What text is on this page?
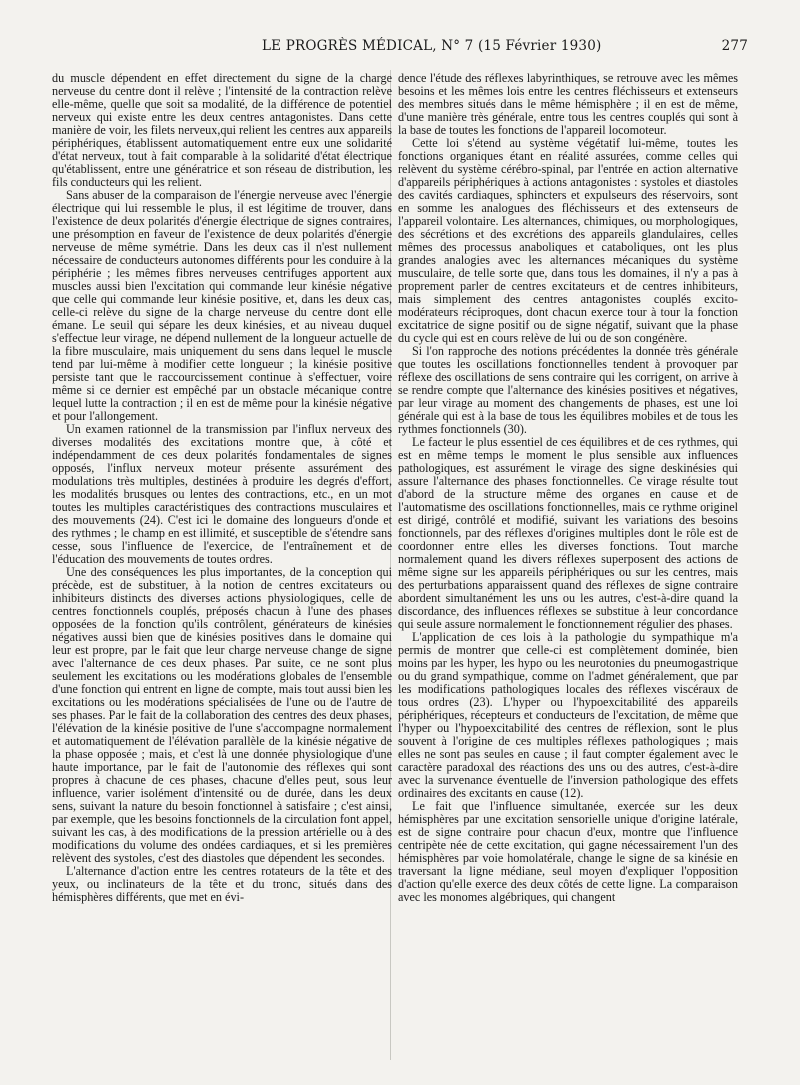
LE PROGRÈS MÉDICAL, N° 7 (15 Février 1930)	277

du muscle dépendent en effet directement du signe de la charge nerveuse du centre dont il relève ; l'intensité de la contraction relève elle-même, quelle que soit sa modalité, de la différence de potentiel nerveux qui existe entre les deux centres antagonistes. Dans cette manière de voir, les filets nerveux,qui relient les centres aux appareils périphériques, établissent automatiquement entre eux une solidarité d'état nerveux, tout à fait comparable à la solidarité d'état électrique qu'établissent, entre une génératrice et son réseau de distribution, les fils conducteurs qui les relient.

Sans abuser de la comparaison de l'énergie nerveuse avec l'énergie électrique qui lui ressemble le plus, il est légitime de trouver, dans l'existence de deux polarités d'énergie électrique de signes contraires, une présomption en faveur de l'existence de deux polarités d'énergie nerveuse de même symétrie. Dans les deux cas il n'est nullement nécessaire de conducteurs autonomes différents pour les conduire à la périphérie ; les mêmes fibres nerveuses centrifuges apportent aux muscles aussi bien l'excitation qui commande leur kinésie négative que celle qui commande leur kinésie positive, et, dans les deux cas, celle-ci relève du signe de la charge nerveuse du centre dont elle émane. Le seuil qui sépare les deux kinésies, et au niveau duquel s'effectue leur virage, ne dépend nullement de la longueur actuelle de la fibre musculaire, mais uniquement du sens dans lequel le muscle tend par lui-même à modifier cette longueur ; la kinésie positive persiste tant que le raccourcissement continue à s'effectuer, voire même si ce dernier est empêché par un obstacle mécanique contre lequel lutte la contraction ; il en est de même pour la kinésie négative et pour l'allongement.

Un examen rationnel de la transmission par l'influx nerveux des diverses modalités des excitations montre que, à côté et indépendamment de ces deux polarités fondamentales de signes opposés, l'influx nerveux moteur présente assurément des modulations très multiples, destinées à produire les degrés d'effort, les modalités brusques ou lentes des contractions, etc., en un mot toutes les multiples caractéristiques des contractions musculaires et des mouvements (24). C'est ici le domaine des longueurs d'onde et des rythmes ; le champ en est illimité, et susceptible de s'étendre sans cesse, sous l'influence de l'exercice, de l'entraînement et de l'éducation des mouvements de toutes ordres.

Une des conséquences les plus importantes, de la conception qui précède, est de substituer, à la notion de centres excitateurs ou inhibiteurs distincts des diverses actions physiologiques, celle de centres fonctionnels couplés, préposés chacun à l'une des phases opposées de la fonction qu'ils contrôlent, générateurs de kinésies négatives aussi bien que de kinésies positives dans le domaine qui leur est propre, par le fait que leur charge nerveuse change de signe avec l'alternance de ces deux phases. Par suite, ce ne sont plus seulement les excitations ou les modérations globales de l'ensemble d'une fonction qui entrent en ligne de compte, mais tout aussi bien les excitations ou les modérations spécialisées de l'une ou de l'autre de ses phases. Par le fait de la collaboration des centres des deux phases, l'élévation de la kinésie positive de l'une s'accompagne normalement et automatiquement de l'élévation parallèle de la kinésie négative de la phase opposée ; mais, et c'est là une donnée physiologique d'une haute importance, par le fait de l'autonomie des réflexes qui sont propres à chacune de ces phases, chacune d'elles peut, sous leur influence, varier isolément d'intensité ou de durée, dans les deux sens, suivant la nature du besoin fonctionnel à satisfaire ; c'est ainsi, par exemple, que les besoins fonctionnels de la circulation font appel, suivant les cas, à des modifications de la pression artérielle ou à des modifications du volume des ondées cardiaques, et si les premières relèvent des systoles, c'est des diastoles que dépendent les secondes.

L'alternance d'action entre les centres rotateurs de la tête et des yeux, ou inclinateurs de la tête et du tronc, situés dans des hémisphères différents, que met en évi-

dence l'étude des réflexes labyrinthiques, se retrouve avec les mêmes besoins et les mêmes lois entre les centres fléchisseurs et extenseurs des membres situés dans le même hémisphère ; il en est de même, d'une manière très générale, entre tous les centres couplés qui sont à la base de toutes les fonctions de l'appareil locomoteur.

Cette loi s'étend au système végétatif lui-même, toutes les fonctions organiques étant en réalité assurées, comme celles qui relèvent du système cérébro-spinal, par l'entrée en action alternative d'appareils périphériques à actions antagonistes : systoles et diastoles des cavités cardiaques, sphincters et expulseurs des réservoirs, sont en somme les analogues des fléchisseurs et des extenseurs de l'appareil volontaire. Les alternances, chimiques, ou morphologiques, des sécrétions et des excrétions des appareils glandulaires, celles mêmes des processus anaboliques et cataboliques, ont les plus grandes analogies avec les alternances mécaniques du système musculaire, de telle sorte que, dans tous les domaines, il n'y a pas à proprement parler de centres excitateurs et de centres inhibiteurs, mais simplement des centres antagonistes couplés excito-modérateurs réciproques, dont chacun exerce tour à tour la fonction excitatrice de signe positif ou de signe négatif, suivant que la phase du cycle qui est en cours relève de lui ou de son congénère.

Si l'on rapproche des notions précédentes la donnée très générale que toutes les oscillations fonctionnelles tendent à provoquer par réflexe des oscillations de sens contraire qui les corrigent, on arrive à se rendre compte que l'alternance des kinésies positives et négatives, par leur virage au moment des changements de phases, est une loi générale qui est à la base de tous les équilibres mobiles et de tous les rythmes fonctionnels (30).

Le facteur le plus essentiel de ces équilibres et de ces rythmes, qui est en même temps le moment le plus sensible aux influences pathologiques, est assurément le virage des signe deskinésies qui assure l'alternance des phases fonctionnelles. Ce virage résulte tout d'abord de la structure même des organes en cause et de l'automatisme des oscillations fonctionnelles, mais ce rythme originel est dirigé, contrôlé et modifié, suivant les variations des besoins fonctionnels, par des réflexes d'origines multiples dont le rôle est de coordonner entre elles les diverses fonctions. Tout marche normalement quand les divers réflexes superposent des actions de même signe sur les appareils périphériques ou sur les centres, mais des perturbations apparaissent quand des réflexes de signe contraire abordent simultanément les uns ou les autres, c'est-à-dire quand la discordance, des influences réflexes se substitue à leur concordance qui seule assure normalement le fonctionnement régulier des phases.

L'application de ces lois à la pathologie du sympathique m'a permis de montrer que celle-ci est complètement dominée, bien moins par les hyper, les hypo ou les neurotonies du pneumogastrique ou du grand sympathique, comme on l'admet généralement, que par les modifications pathologiques locales des réflexes viscéraux de tous ordres (23). L'hyper ou l'hypoexcitabilité des appareils périphériques, récepteurs et conducteurs de l'excitation, de même que l'hyper ou l'hypoexcitabilité des centres de réflexion, sont le plus souvent à l'origine de ces multiples réflexes pathologiques ; mais elles ne sont pas seules en cause ; il faut compter également avec le caractère paradoxal des réactions des uns ou des autres, c'est-à-dire avec la survenance éventuelle de l'inversion pathologique des effets ordinaires des excitants en cause (12).

Le fait que l'influence simultanée, exercée sur les deux hémisphères par une excitation sensorielle unique d'origine latérale, est de signe contraire pour chacun d'eux, montre que l'influence centripète née de cette excitation, qui gagne nécessairement l'un des hémisphères par voie homolatérale, change le signe de sa kinésie en traversant la ligne médiane, seul moyen d'expliquer l'opposition d'action qu'elle exerce des deux côtés de cette ligne. La comparaison avec les monomes algébriques, qui changent
